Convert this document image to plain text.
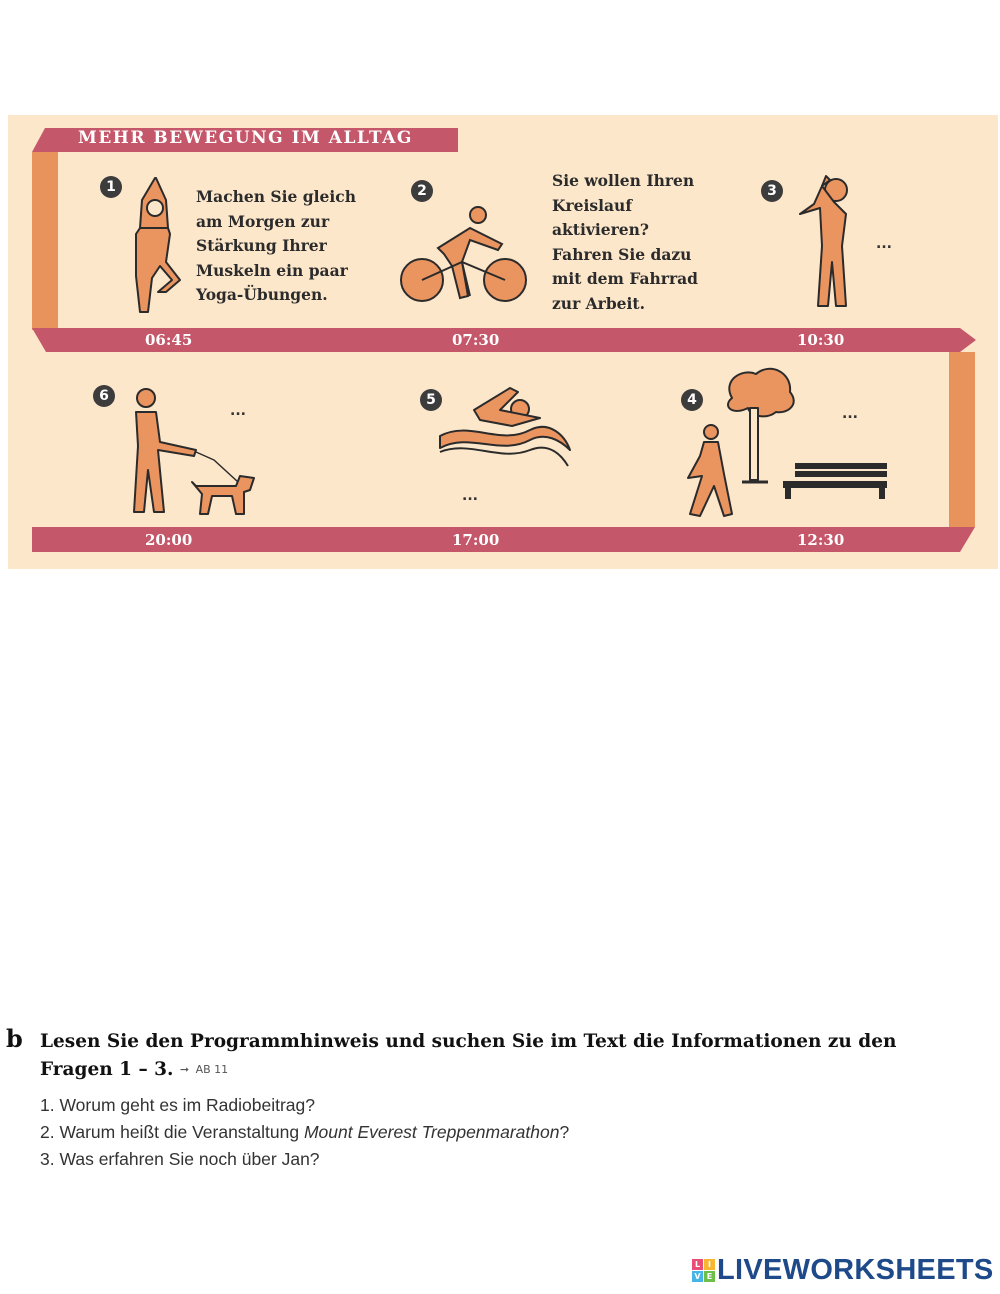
MEHR BEWEGUNG IM ALLTAG
1	Machen Sie gleich
am Morgen zur
Stärkung Ihrer
Muskeln ein paar
Yoga-Übungen.
06:45
2
Sie wollen Ihren
Kreislauf
aktivieren?
Fahren Sie dazu
mit dem Fahrrad
zur Arbeit.
07:30
3
...
10:30
6
...
20:00
5
...
17:00
4
...
12:30
b Lesen Sie den Programmhinweis und suchen Sie im Text die Informationen zu den
Fragen 1 – 3. ➞ AB 11
1. Worum geht es im Radiobeitrag?
2. Warum heißt die Veranstaltung Mount Everest Treppenmarathon?
3. Was erfahren Sie noch über Jan?
L I
V E LIVEWORKSHEETS
